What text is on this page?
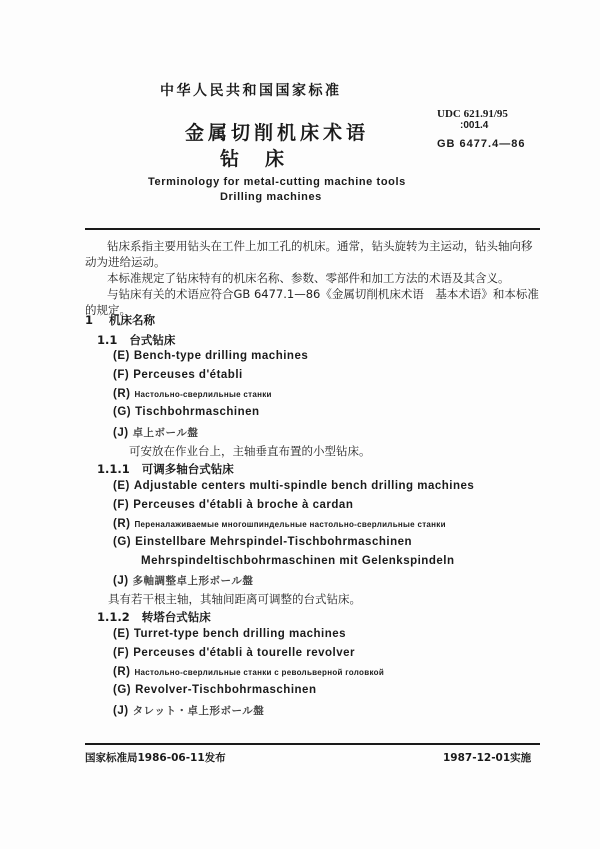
中华人民共和国国家标准
金属切削机床术语
钻床
Terminology for metal-cutting machine tools
Drilling machines
UDC 621.91/95
:001.4
GB 6477.4—86

钻床系指主要用钻头在工件上加工孔的机床。通常，钻头旋转为主运动，钻头轴向移动为进给运动。

本标准规定了钻床特有的机床名称、参数、零部件和加工方法的术语及其含义。

与钻床有关的术语应符合GB 6477.1—86《金属切削机床术语　基本术语》和本标准的规定。

1 机床名称
1.1 台式钻床
(E) Bench-type drilling machines
(F) Perceuses d'établi
(R) Настольно-сверлильные станки
(G) Tischbohrmaschinen
(J) 卓上ボール盤
可安放在作业台上，主轴垂直布置的小型钻床。
1.1.1 可调多轴台式钻床
(E) Adjustable centers multi-spindle bench drilling machines
(F) Perceuses d'établi à broche à cardan
(R) Переналаживаемые многошпиндельные настольно-сверлильные станки
(G) Einstellbare Mehrspindel-Tischbohrmaschinen
Mehrspindeltischbohrmaschinen mit Gelenkspindeln
(J) 多軸調整卓上形ボール盤
具有若干根主轴，其轴间距离可调整的台式钻床。
1.1.2 转塔台式钻床
(E) Turret-type bench drilling machines
(F) Perceuses d'établi à tourelle revolver
(R) Настольно-сверлильные станки с револьверной головкой
(G) Revolver-Tischbohrmaschinen
(J) タレット・卓上形ボール盤
国家标准局1986-06-11发布	1987-12-01实施
